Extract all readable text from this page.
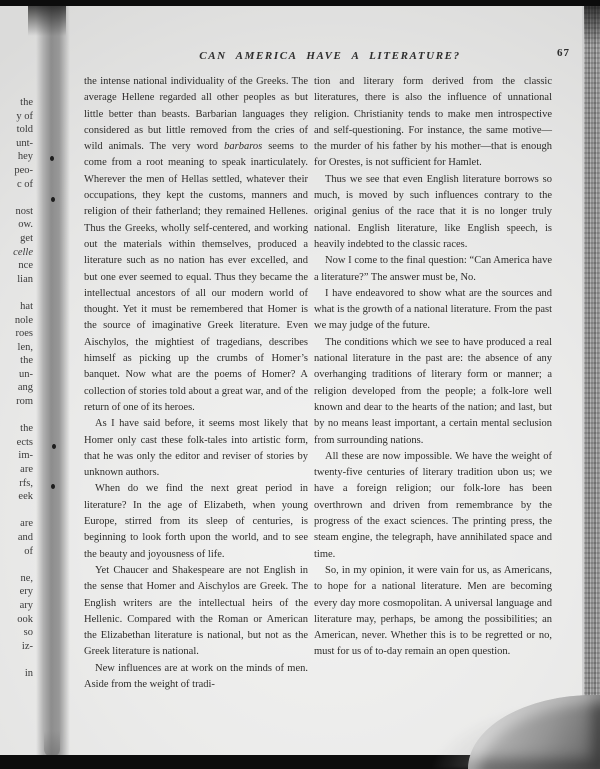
the
y of
told
unt-
hey
peo-
c of

nost
ow.
get
celle
nce
lian

hat
nole
roes
len,
the
un-
ang
rom

the
ects
im-
are
rfs,
eek

are
and
of

ne,
ery
ary
ook
so
iz-

in
CAN AMERICA HAVE A LITERATURE?	67

the intense national individuality of the Greeks. The average Hellene regarded all other peoples as but little better than beasts. Barbarian languages they considered as but little removed from the cries of wild animals. The very word barbaros seems to come from a root meaning to speak inarticulately. Wherever the men of Hellas settled, whatever their occupations, they kept the customs, manners and religion of their fatherland; they remained Hellenes. Thus the Greeks, wholly self-centered, and working out the materials within themselves, produced a literature such as no nation has ever excelled, and but one ever seemed to equal. Thus they became the intellectual ancestors of all our modern world of thought. Yet it must be remembered that Homer is the source of imaginative Greek literature. Even Aischylos, the mightiest of tragedians, describes himself as picking up the crumbs of Homer’s banquet. Now what are the poems of Homer? A collection of stories told about a great war, and of the return of one of its heroes.

As I have said before, it seems most likely that Homer only cast these folk-tales into artistic form, that he was only the editor and reviser of stories by unknown authors.

When do we find the next great period in literature? In the age of Elizabeth, when young Europe, stirred from its sleep of centuries, is beginning to look forth upon the world, and to see the beauty and joyousness of life.

Yet Chaucer and Shakespeare are not English in the sense that Homer and Aischylos are Greek. The English writers are the intellectual heirs of the Hellenic. Compared with the Roman or American the Elizabethan literature is national, but not as the Greek literature is national.

New influences are at work on the minds of men. Aside from the weight of tradi-

tion and literary form derived from the classic literatures, there is also the influence of unnational religion. Christianity tends to make men introspective and self-questioning. For instance, the same motive—the murder of his father by his mother—that is enough for Orestes, is not sufficient for Hamlet.

Thus we see that even English literature borrows so much, is moved by such influences contrary to the original genius of the race that it is no longer truly national. English literature, like English speech, is heavily indebted to the classic races.

Now I come to the final question: “Can America have a literature?” The answer must be, No.

I have endeavored to show what are the sources and what is the growth of a national literature. From the past we may judge of the future.

The conditions which we see to have produced a real national literature in the past are: the absence of any overhanging traditions of literary form or manner; a religion developed from the people; a folk-lore well known and dear to the hearts of the nation; and last, but by no means least important, a certain mental seclusion from surrounding nations.

All these are now impossible. We have the weight of twenty-five centuries of literary tradition ubon us; we have a foreign religion; our folk-lore has been overthrown and driven from remembrance by the progress of the exact sciences. The printing press, the steam engine, the telegraph, have annihilated space and time.

So, in my opinion, it were vain for us, as Americans, to hope for a national literature. Men are becoming every day more cosmopolitan. A universal language and literature may, perhaps, be among the possibilities; an American, never. Whether this is to be regretted or no, must for us of to-day remain an open question.
